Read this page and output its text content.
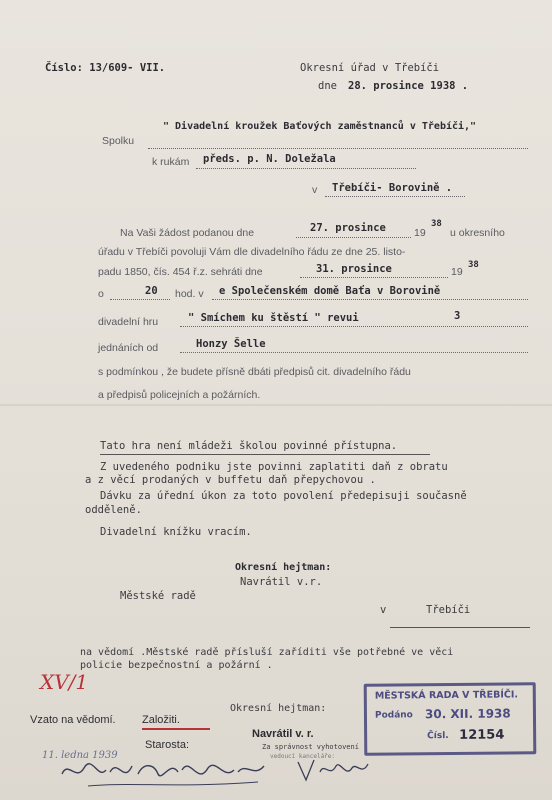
Číslo: 13/609- VII.	Okresní úřad v Třebíči
dne 28. prosince 1938 .
Spolku
" Divadelní kroužek Baťových zaměstnanců v Třebíči,"
k rukám předs. p. N. Doležala
v Třebíči- Borovině .
Na Vaši žádost podanou dne	27. prosince	19
38
u okresního
úřadu v Třebíči povoluji Vám dle divadelního řádu ze dne 25. listo-
padu 1850, čís. 454 ř.z. sehráti dne	31. prosince	19
38
o	20 hod. v e Společenském domě Baťa v Borovině
divadelní hru	" Smíchem ku štěstí " revui	3
jednáních od	Honzy Šelle
s podmínkou , že budete přísně dbáti předpisů cit. divadelního řádu
a předpisů policejních a požárních.
Tato hra není mládeži školou povinné přístupna.
Z uvedeného podniku jste povinni zaplatiti daň z obratu
a z věcí prodaných v buffetu daň přepychovou .
Dávku za úřední úkon za toto povolení předepisuji současně
odděleně.
Divadelní knížku vracím.
Okresní hejtman:
Navrátil v.r.
Městské radě
v	Třebíči
na vědomí .Městské radě přísluší zaříditi vše potřebné ve věci
policie bezpečnostní a požární .
XV/1
Vzato na vědomí. Založiti.
Okresní hejtman:
Navrátil v. r.
Za správnost vyhotovení
vedoucí kanceláře:
Starosta:
11. ledna 1939
MĚSTSKÁ RADA V TŘEBÍČI.
Podáno 30. XII. 1938
Čísl. 12154
